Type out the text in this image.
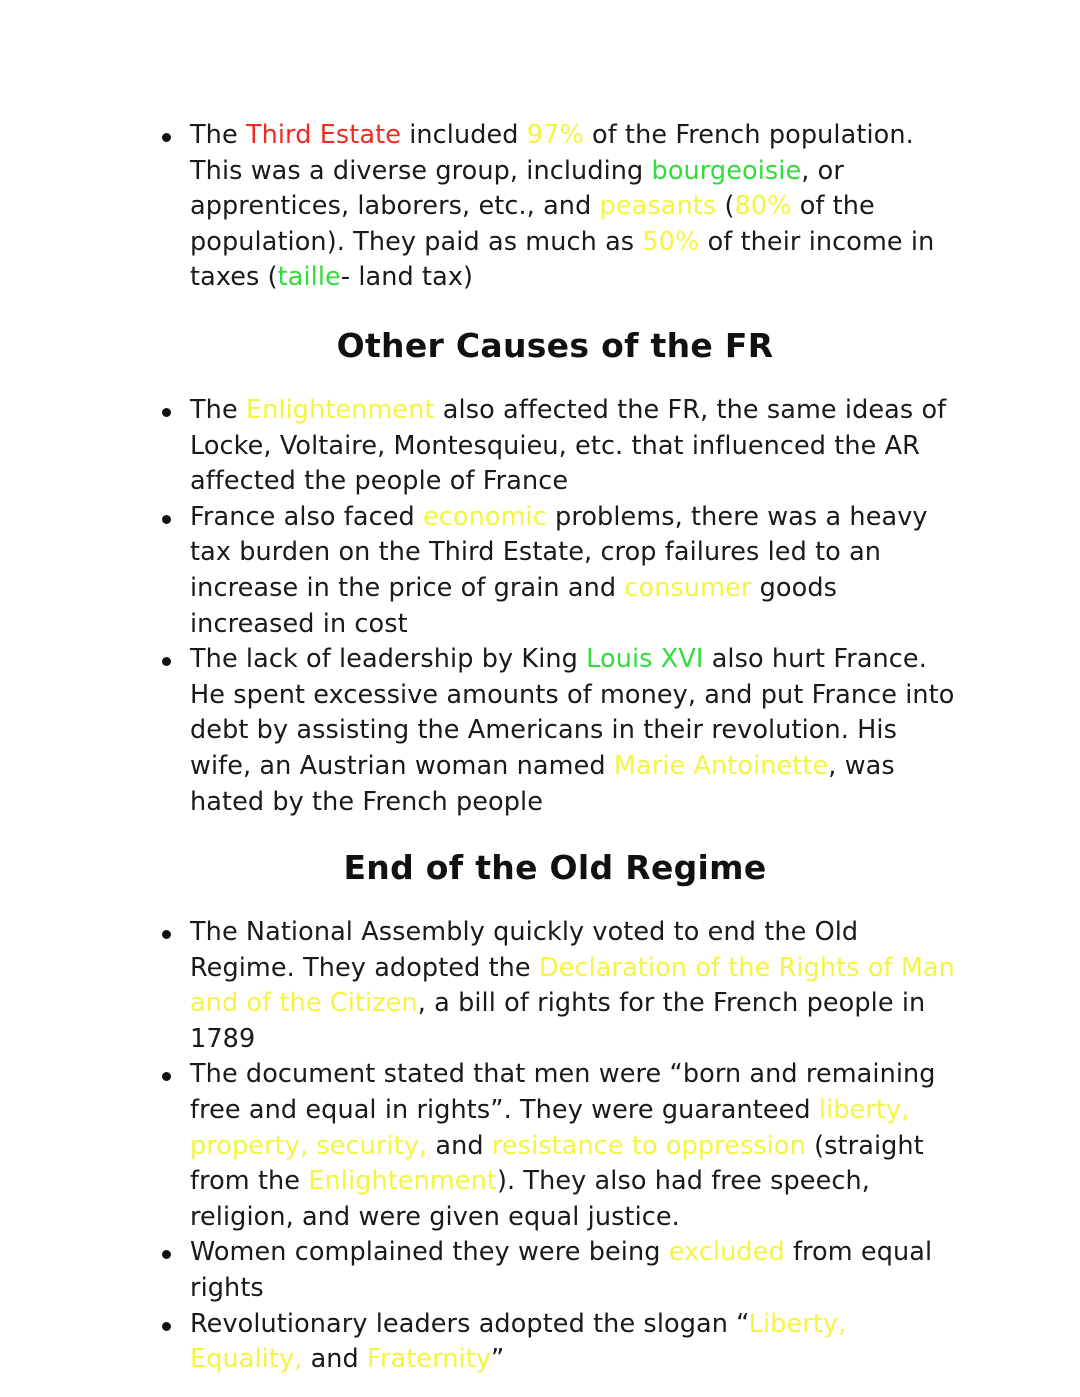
The Third Estate included 97% of the French population. This was a diverse group, including bourgeoisie, or apprentices, laborers, etc., and peasants (80% of the population). They paid as much as 50% of their income in taxes (taille- land tax)
Other Causes of the FR
The Enlightenment also affected the FR, the same ideas of Locke, Voltaire, Montesquieu, etc. that influenced the AR affected the people of France
France also faced economic problems, there was a heavy tax burden on the Third Estate, crop failures led to an increase in the price of grain and consumer goods increased in cost
The lack of leadership by King Louis XVI also hurt France. He spent excessive amounts of money, and put France into debt by assisting the Americans in their revolution. His wife, an Austrian woman named Marie Antoinette, was hated by the French people
End of the Old Regime
The National Assembly quickly voted to end the Old Regime. They adopted the Declaration of the Rights of Man and of the Citizen, a bill of rights for the French people in 1789
The document stated that men were “born and remaining free and equal in rights”. They were guaranteed liberty, property, security, and resistance to oppression (straight from the Enlightenment). They also had free speech, religion, and were given equal justice.
Women complained they were being excluded from equal rights
Revolutionary leaders adopted the slogan “Liberty, Equality, and Fraternity”
